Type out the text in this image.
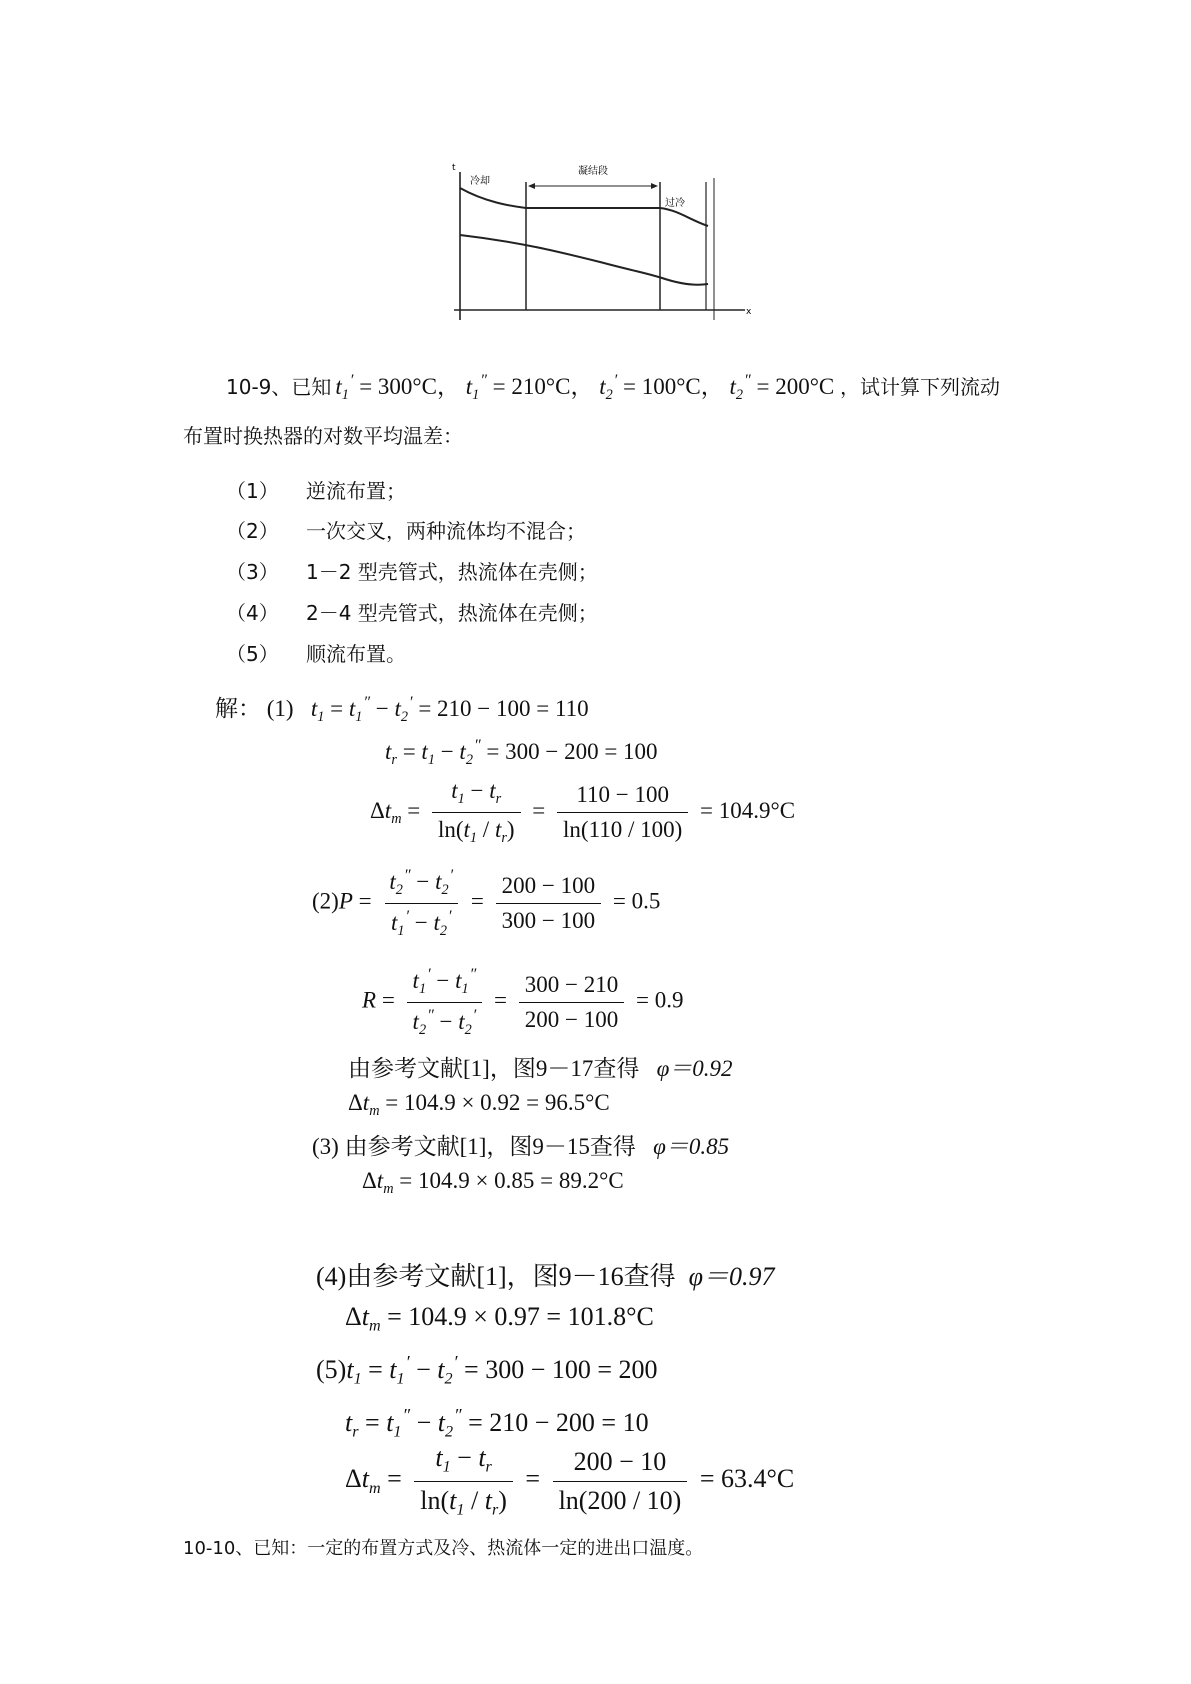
t
x
冷却
凝结段
过冷
10-9、已知 $t_1' = 300^\circ C$， $t_1'' = 210^\circ C$， $t_2' = 100^\circ C$， $t_2'' = 200^\circ C$ ，试计算下列流动
布置时换热器的对数平均温差：
（1） 逆流布置；
（2） 一次交叉，两种流体均不混合；
（3） 1－2 型壳管式，热流体在壳侧；
（4） 2－4 型壳管式，热流体在壳侧；
（5） 顺流布置。
解： (1) $t_1 = t_1'' - t_2' = 210 - 100 = 110$
$t_r = t_1 - t_2'' = 300 - 200 = 100$
$\Delta t_m = \frac{t_1 - t_r}{\ln(t_1 / t_r)} = \frac{110 - 100}{\ln(110 / 100)} = 104.9^\circ C$
$(2)P = \frac{t_2'' - t_2'}{t_1' - t_2'} = \frac{200 - 100}{300 - 100} = 0.5$
$R = \frac{t_1' - t_1''}{t_2'' - t_2'} = \frac{300 - 210}{200 - 100} = 0.9$
由参考文献[1]，图9－17查得 φ＝0.92
$\Delta t_m = 104.9 \times 0.92 = 96.5^\circ C$
(3) 由参考文献[1]，图9－15查得 φ＝0.85
$\Delta t_m = 104.9 \times 0.85 = 89.2^\circ C$
(4)由参考文献[1]，图9－16查得 φ＝0.97
$\Delta t_m = 104.9 \times 0.97 = 101.8^\circ C$
$(5)t_1 = t_1' - t_2' = 300 - 100 = 200$
$t_r = t_1'' - t_2'' = 210 - 200 = 10$
$\Delta t_m = \frac{t_1 - t_r}{\ln(t_1 / t_r)} = \frac{200 - 10}{\ln(200 / 10)} = 63.4^\circ C$
10-10、已知：一定的布置方式及冷、热流体一定的进出口温度。
